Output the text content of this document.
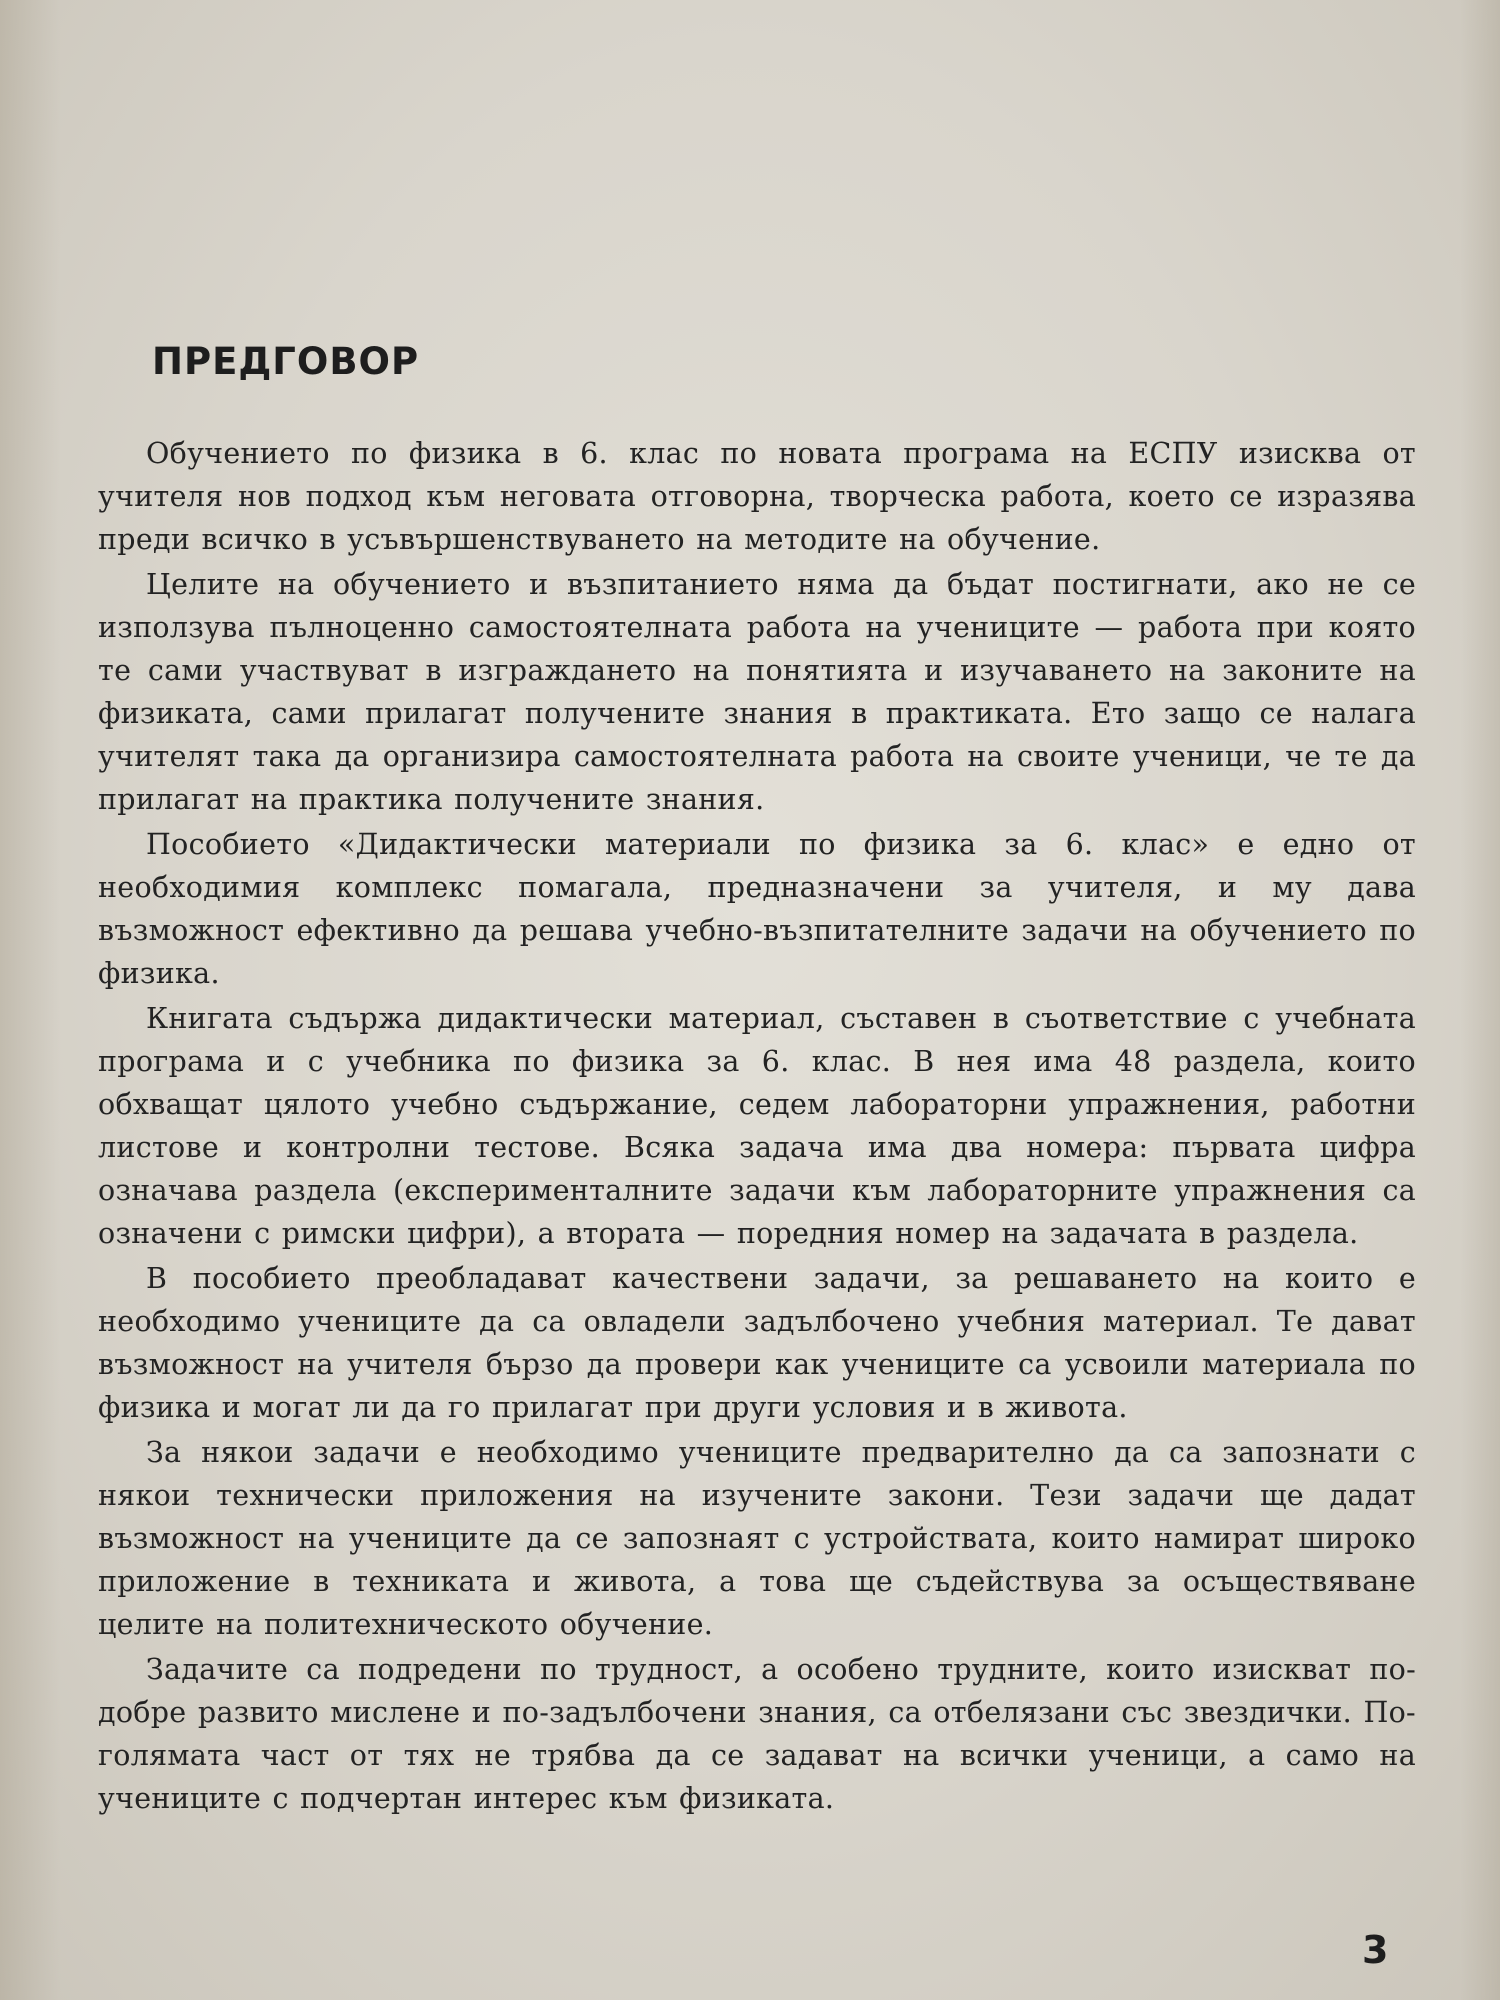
ПРЕДГОВОР

Обучението по физика в 6. клас по новата програма на ЕСПУ изисква от учителя нов подход към неговата отговорна, творческа работа, което се изразява преди всичко в усъвършенствуването на методите на обучение.

Целите на обучението и възпитанието няма да бъдат постигнати, ако не се използува пълноценно самостоятелната работа на учениците — работа при която те сами участвуват в изграждането на понятията и изучаването на законите на физиката, сами прилагат получените знания в практиката. Ето защо се налага учителят така да организира самостоятелната работа на своите ученици, че те да прилагат на практика получените знания.

Пособието «Дидактически материали по физика за 6. клас» е едно от необходимия комплекс помагала, предназначени за учителя, и му дава възможност ефективно да решава учебно-възпитателните задачи на обучението по физика.

Книгата съдържа дидактически материал, съставен в съответствие с учебната програма и с учебника по физика за 6. клас. В нея има 48 раздела, които обхващат цялото учебно съдържание, седем лабораторни упражнения, работни листове и контролни тестове. Всяка задача има два номера: първата цифра означава раздела (експерименталните задачи към лабораторните упражнения са означени с римски цифри), а втората — поредния номер на задачата в раздела.

В пособието преобладават качествени задачи, за решаването на които е необходимо учениците да са овладели задълбочено учебния материал. Те дават възможност на учителя бързо да провери как учениците са усвоили материала по физика и могат ли да го прилагат при други условия и в живота.

За някои задачи е необходимо учениците предварително да са запознати с някои технически приложения на изучените закони. Тези задачи ще дадат възможност на учениците да се запознаят с устройствата, които намират широко приложение в техниката и живота, а това ще съдействува за осъществяване целите на политехническото обучение.

Задачите са подредени по трудност, а особено трудните, които изискват по-добре развито мислене и по-задълбочени знания, са отбелязани със звездички. По-голямата част от тях не трябва да се задават на всички ученици, а само на учениците с подчертан интерес към физиката.

3
